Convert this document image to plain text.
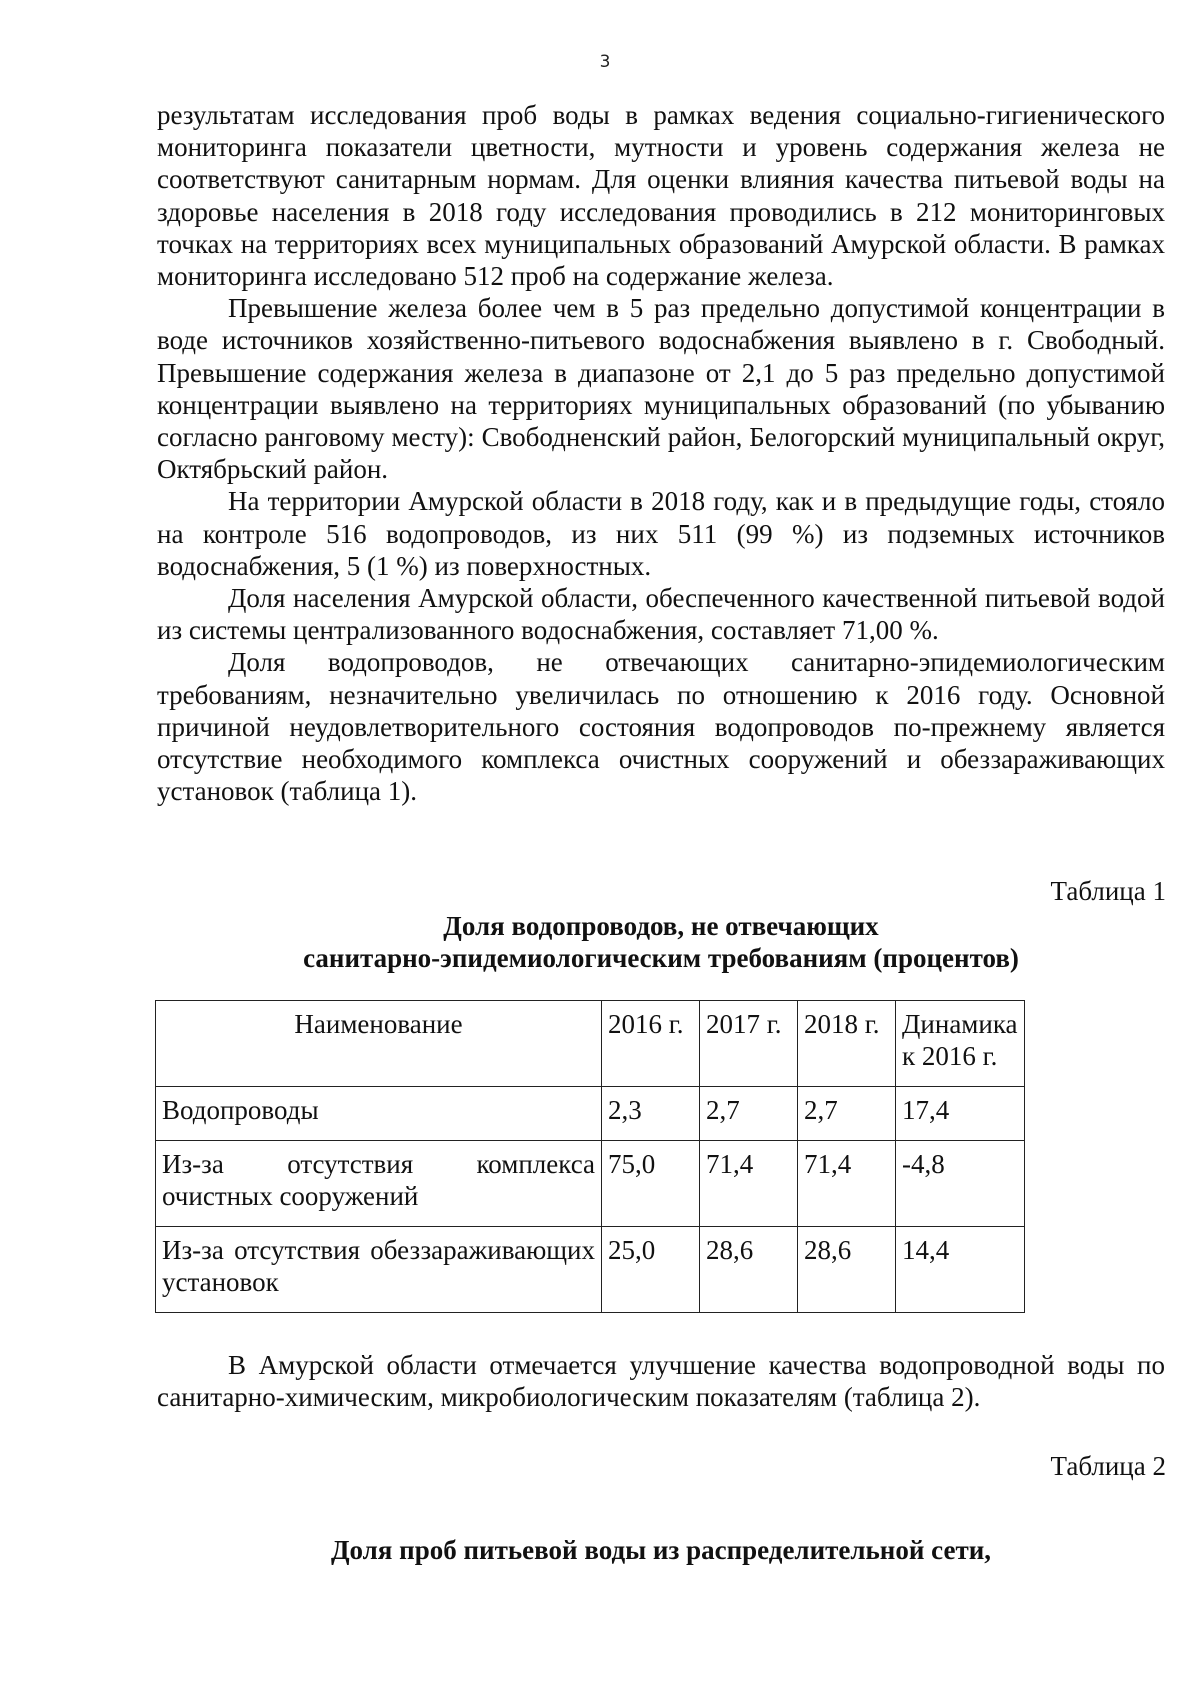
3

результатам исследования проб воды в рамках ведения социально-гигиенического мониторинга показатели цветности, мутности и уровень содержания железа не соответствуют санитарным нормам. Для оценки влияния качества питьевой воды на здоровье населения в 2018 году исследования проводились в 212 мониторинговых точках на территориях всех муниципальных образований Амурской области. В рамках мониторинга исследовано 512 проб на содержание железа.

Превышение железа более чем в 5 раз предельно допустимой концентрации в воде источников хозяйственно-питьевого водоснабжения выявлено в г. Свободный. Превышение содержания железа в диапазоне от 2,1 до 5 раз предельно допустимой концентрации выявлено на территориях муниципальных образований (по убыванию согласно ранговому месту): Свободненский район, Белогорский муниципальный округ, Октябрьский район.

На территории Амурской области в 2018 году, как и в предыдущие годы, стояло на контроле 516 водопроводов, из них 511 (99 %) из подземных источников водоснабжения, 5 (1 %) из поверхностных.

Доля населения Амурской области, обеспеченного качественной питьевой водой из системы централизованного водоснабжения, составляет 71,00 %.

Доля водопроводов, не отвечающих санитарно-эпидемиологическим требованиям, незначительно увеличилась по отношению к 2016 году. Основной причиной неудовлетворительного состояния водопроводов по-прежнему является отсутствие необходимого комплекса очистных сооружений и обеззараживающих установок (таблица 1).

Таблица 1
Доля водопроводов, не отвечающих
санитарно-эпидемиологическим требованиям (процентов)
Наименование	2016 г.	2017 г.	2018 г.	Динамика к 2016 г.
Водопроводы	2,3	2,7	2,7	17,4
Из-за отсутствия комплекса очистных сооружений	75,0	71,4	71,4	-4,8
Из-за отсутствия обеззараживающих установок	25,0	28,6	28,6	14,4

В Амурской области отмечается улучшение качества водопроводной воды по санитарно-химическим, микробиологическим показателям (таблица 2).

Таблица 2
Доля проб питьевой воды из распределительной сети,
